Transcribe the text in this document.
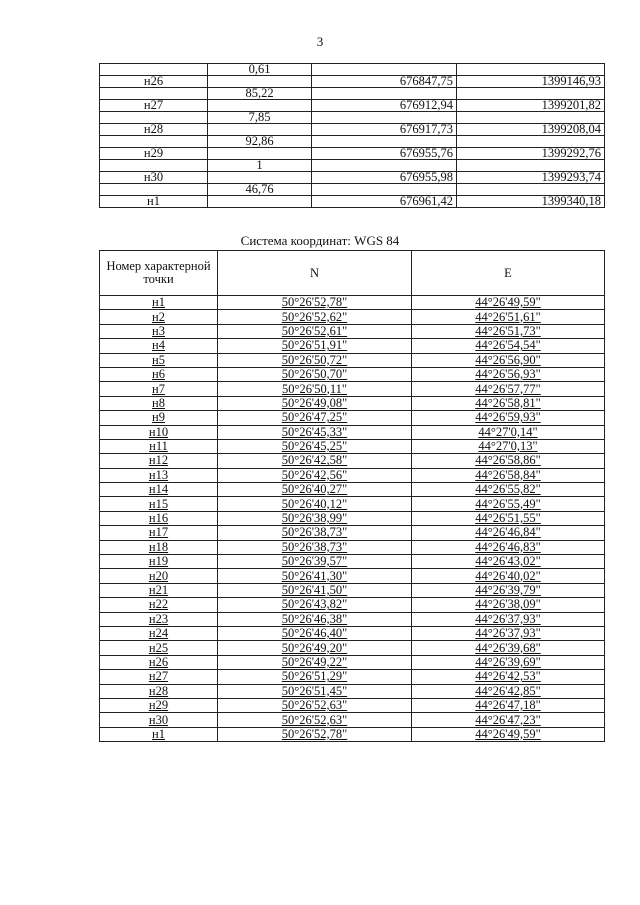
3
	0,61		
н26		676847,75	1399146,93
	85,22		
н27		676912,94	1399201,82
	7,85		
н28		676917,73	1399208,04
	92,86		
н29		676955,76	1399292,76
	1		
н30		676955,98	1399293,74
	46,76		
н1		676961,42	1399340,18
Система координат: WGS 84
Номер характерной точки	N	E
н1	50°26'52,78"	44°26'49,59"
н2	50°26'52,62"	44°26'51,61"
н3	50°26'52,61"	44°26'51,73"
н4	50°26'51,91"	44°26'54,54"
н5	50°26'50,72"	44°26'56,90"
н6	50°26'50,70"	44°26'56,93"
н7	50°26'50,11"	44°26'57,77"
н8	50°26'49,08"	44°26'58,81"
н9	50°26'47,25"	44°26'59,93"
н10	50°26'45,33"	44°27'0,14"
н11	50°26'45,25"	44°27'0,13"
н12	50°26'42,58"	44°26'58,86"
н13	50°26'42,56"	44°26'58,84"
н14	50°26'40,27"	44°26'55,82"
н15	50°26'40,12"	44°26'55,49"
н16	50°26'38,99"	44°26'51,55"
н17	50°26'38,73"	44°26'46,84"
н18	50°26'38,73"	44°26'46,83"
н19	50°26'39,57"	44°26'43,02"
н20	50°26'41,30"	44°26'40,02"
н21	50°26'41,50"	44°26'39,79"
н22	50°26'43,82"	44°26'38,09"
н23	50°26'46,38"	44°26'37,93"
н24	50°26'46,40"	44°26'37,93"
н25	50°26'49,20"	44°26'39,68"
н26	50°26'49,22"	44°26'39,69"
н27	50°26'51,29"	44°26'42,53"
н28	50°26'51,45"	44°26'42,85"
н29	50°26'52,63"	44°26'47,18"
н30	50°26'52,63"	44°26'47,23"
н1	50°26'52,78"	44°26'49,59"
